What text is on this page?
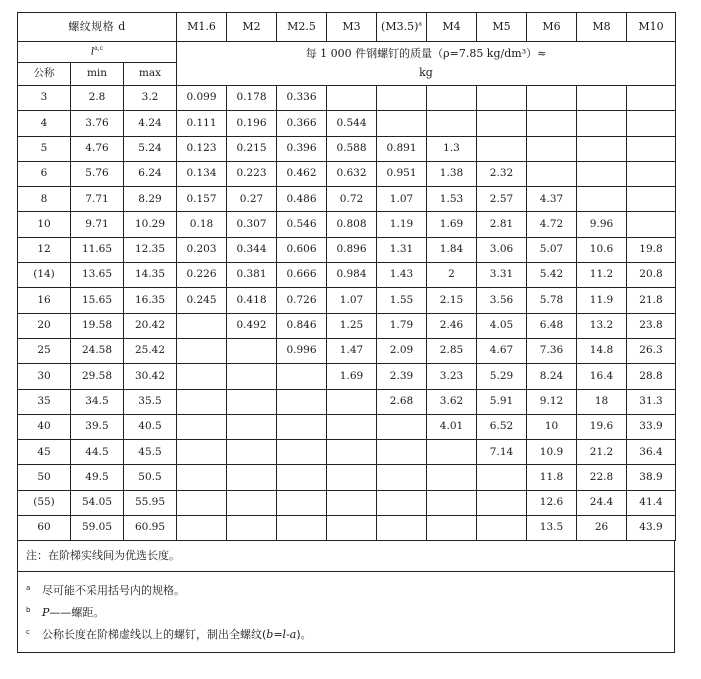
螺纹规格 d			M1.6	M2	M2.5	M3	$(M3.5)^a$	M4	M5	M6	M8	M10
$l^{a,c}$			每 1 000 件钢螺钉的质量（ρ=7.85 kg/dm³）≈
kg									

公称	min	max										
3	2.8	3.2	0.099	0.178	0.336							
4	3.76	4.24	0.111	0.196	0.366	0.544						
5	4.76	5.24	0.123	0.215	0.396	0.588	0.891	1.3				
6	5.76	6.24	0.134	0.223	0.462	0.632	0.951	1.38	2.32			
8	7.71	8.29	0.157	0.27	0.486	0.72	1.07	1.53	2.57	4.37		
10	9.71	10.29	0.18	0.307	0.546	0.808	1.19	1.69	2.81	4.72	9.96	
12	11.65	12.35	0.203	0.344	0.606	0.896	1.31	1.84	3.06	5.07	10.6	19.8
(14)	13.65	14.35	0.226	0.381	0.666	0.984	1.43	2	3.31	5.42	11.2	20.8
16	15.65	16.35	0.245	0.418	0.726	1.07	1.55	2.15	3.56	5.78	11.9	21.8
20	19.58	20.42		0.492	0.846	1.25	1.79	2.46	4.05	6.48	13.2	23.8
25	24.58	25.42			0.996	1.47	2.09	2.85	4.67	7.36	14.8	26.3
30	29.58	30.42				1.69	2.39	3.23	5.29	8.24	16.4	28.8
35	34.5	35.5					2.68	3.62	5.91	9.12	18	31.3
40	39.5	40.5						4.01	6.52	10	19.6	33.9
45	44.5	45.5							7.14	10.9	21.2	36.4
50	49.5	50.5								11.8	22.8	38.9
(55)	54.05	55.95								12.6	24.4	41.4
60	59.05	60.95								13.5	26	43.9
注：在阶梯实线间为优选长度。
a 尽可能不采用括号内的规格。
b P——螺距。
c 公称长度在阶梯虚线以上的螺钉，制出全螺纹(b=l-a)。
